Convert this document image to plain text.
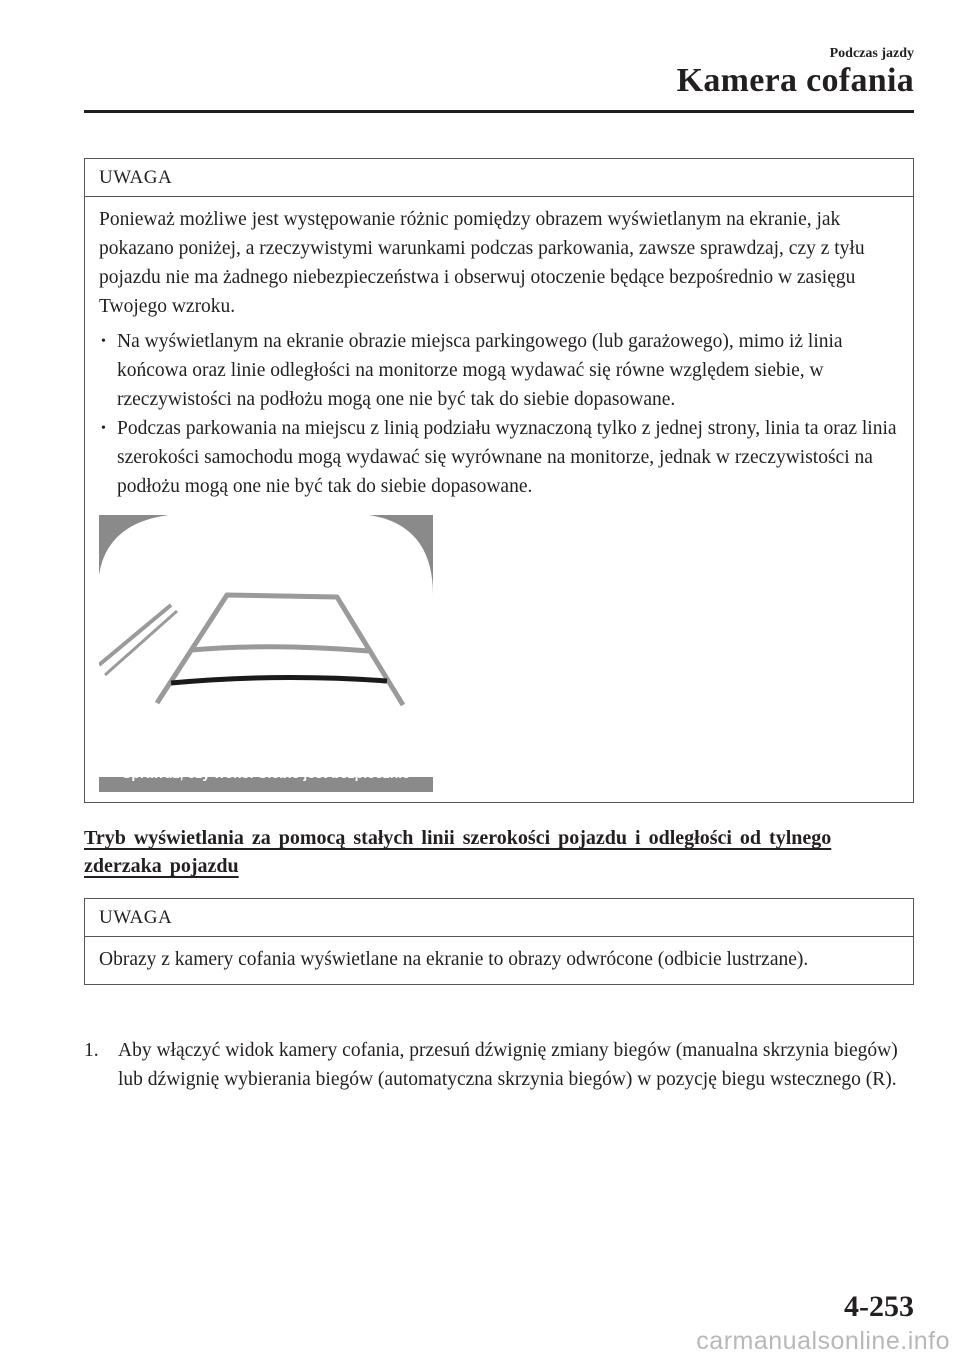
Podczas jazdy
Kamera cofania
UWAGA

Ponieważ możliwe jest występowanie różnic pomiędzy obrazem wyświetlanym na ekranie, jak pokazano poniżej, a rzeczywistymi warunkami podczas parkowania, zawsze sprawdzaj, czy z tyłu pojazdu nie ma żadnego niebezpieczeństwa i obserwuj otoczenie będące bezpośrednio w zasięgu Twojego wzroku.

• Na wyświetlanym na ekranie obrazie miejsca parkingowego (lub garażowego), mimo iż linia końcowa oraz linie odległości na monitorze mogą wydawać się równe względem siebie, w rzeczywistości na podłożu mogą one nie być tak do siebie dopasowane.
• Podczas parkowania na miejscu z linią podziału wyznaczoną tylko z jednej strony, linia ta oraz linia szerokości samochodu mogą wydawać się wyrównane na monitorze, jednak w rzeczywistości na podłożu mogą one nie być tak do siebie dopasowane.
Sprawdź, czy wokół Ciebie jest bezpiecznie
Tryb wyświetlania za pomocą stałych linii szerokości pojazdu i odległości od tylnego
zderzaka pojazdu
UWAGA

Obrazy z kamery cofania wyświetlane na ekranie to obrazy odwrócone (odbicie lustrzane).

1. Aby włączyć widok kamery cofania, przesuń dźwignię zmiany biegów (manualna skrzynia biegów) lub dźwignię wybierania biegów (automatyczna skrzynia biegów) w pozycję biegu wstecznego (R).
4-253
carmanualsonline.info
